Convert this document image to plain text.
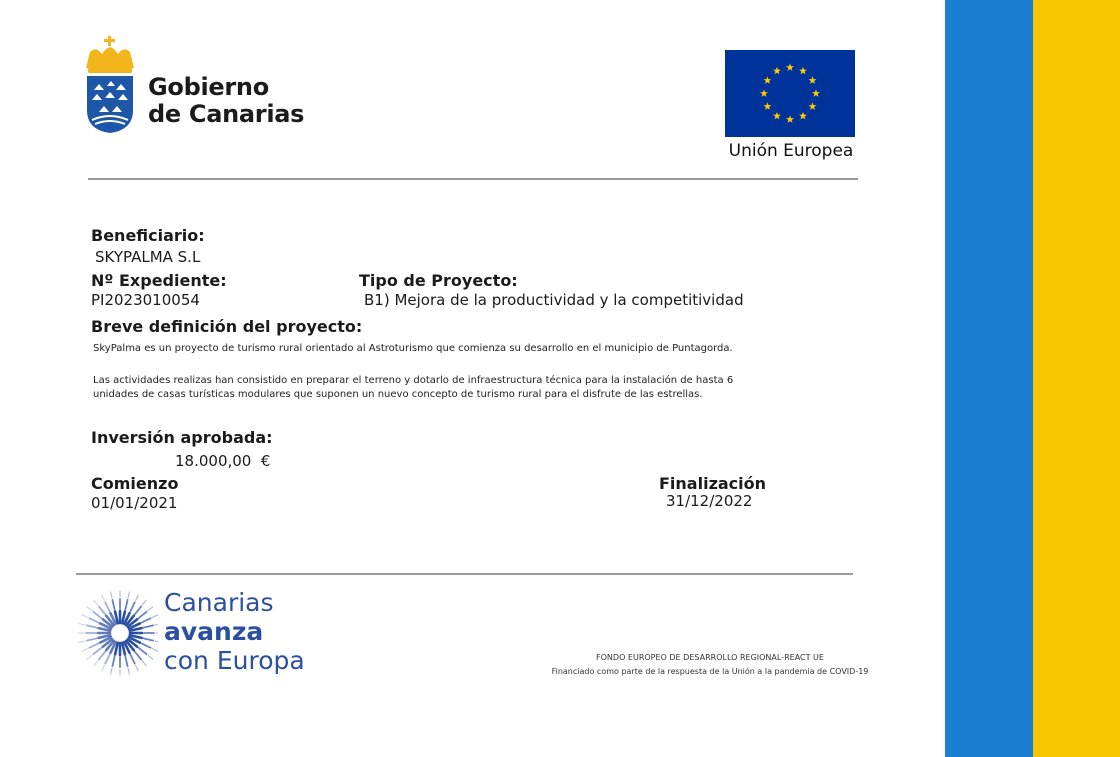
Gobierno
de Canarias
Unión Europea
Beneficiario:
SKYPALMA S.L
Nº Expediente:
PI2023010054
Tipo de Proyecto:
B1) Mejora de la productividad y la competitividad
Breve definición del proyecto:
SkyPalma es un proyecto de turismo rural orientado al Astroturismo que comienza su desarrollo en el municipio de Puntagorda.
Las actividades realizas han consistido en preparar el terreno y dotarlo de infraestructura técnica para la instalación de hasta 6
unidades de casas turísticas modulares que suponen un nuevo concepto de turismo rural para el disfrute de las estrellas.
Inversión aprobada:
18.000,00  €
Comienzo
01/01/2021
Finalización
31/12/2022
Canarias
avanza
con Europa	FONDO EUROPEO DE DESARROLLO REGIONAL-REACT UE
Financiado como parte de la respuesta de la Unión a la pandemia de COVID-19
